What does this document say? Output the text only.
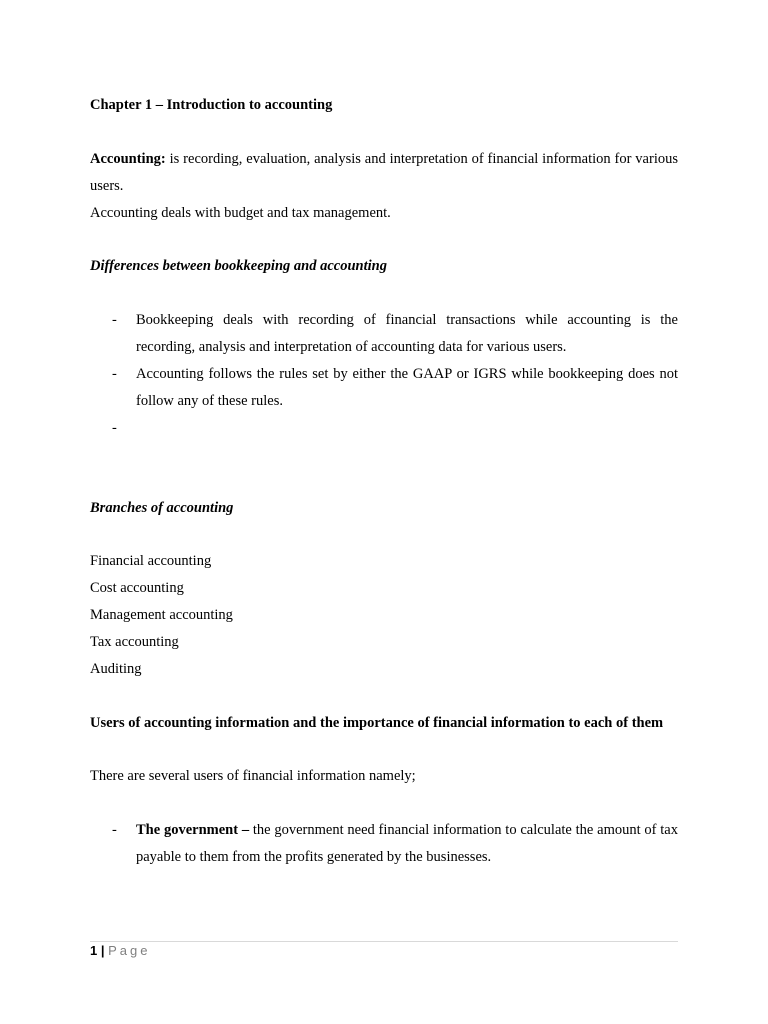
Chapter 1 – Introduction to accounting

Accounting: is recording, evaluation, analysis and interpretation of financial information for various users.

Accounting deals with budget and tax management.

Differences between bookkeeping and accounting

- Bookkeeping deals with recording of financial transactions while accounting is the recording, analysis and interpretation of accounting data for various users.
- Accounting follows the rules set by either the GAAP or IGRS while bookkeeping does not follow any of these rules.
-

Branches of accounting

Financial accounting

Cost accounting

Management accounting

Tax accounting

Auditing

Users of accounting information and the importance of financial information to each of them

There are several users of financial information namely;

- The government – the government need financial information to calculate the amount of tax payable to them from the profits generated by the businesses.
1 | Page
